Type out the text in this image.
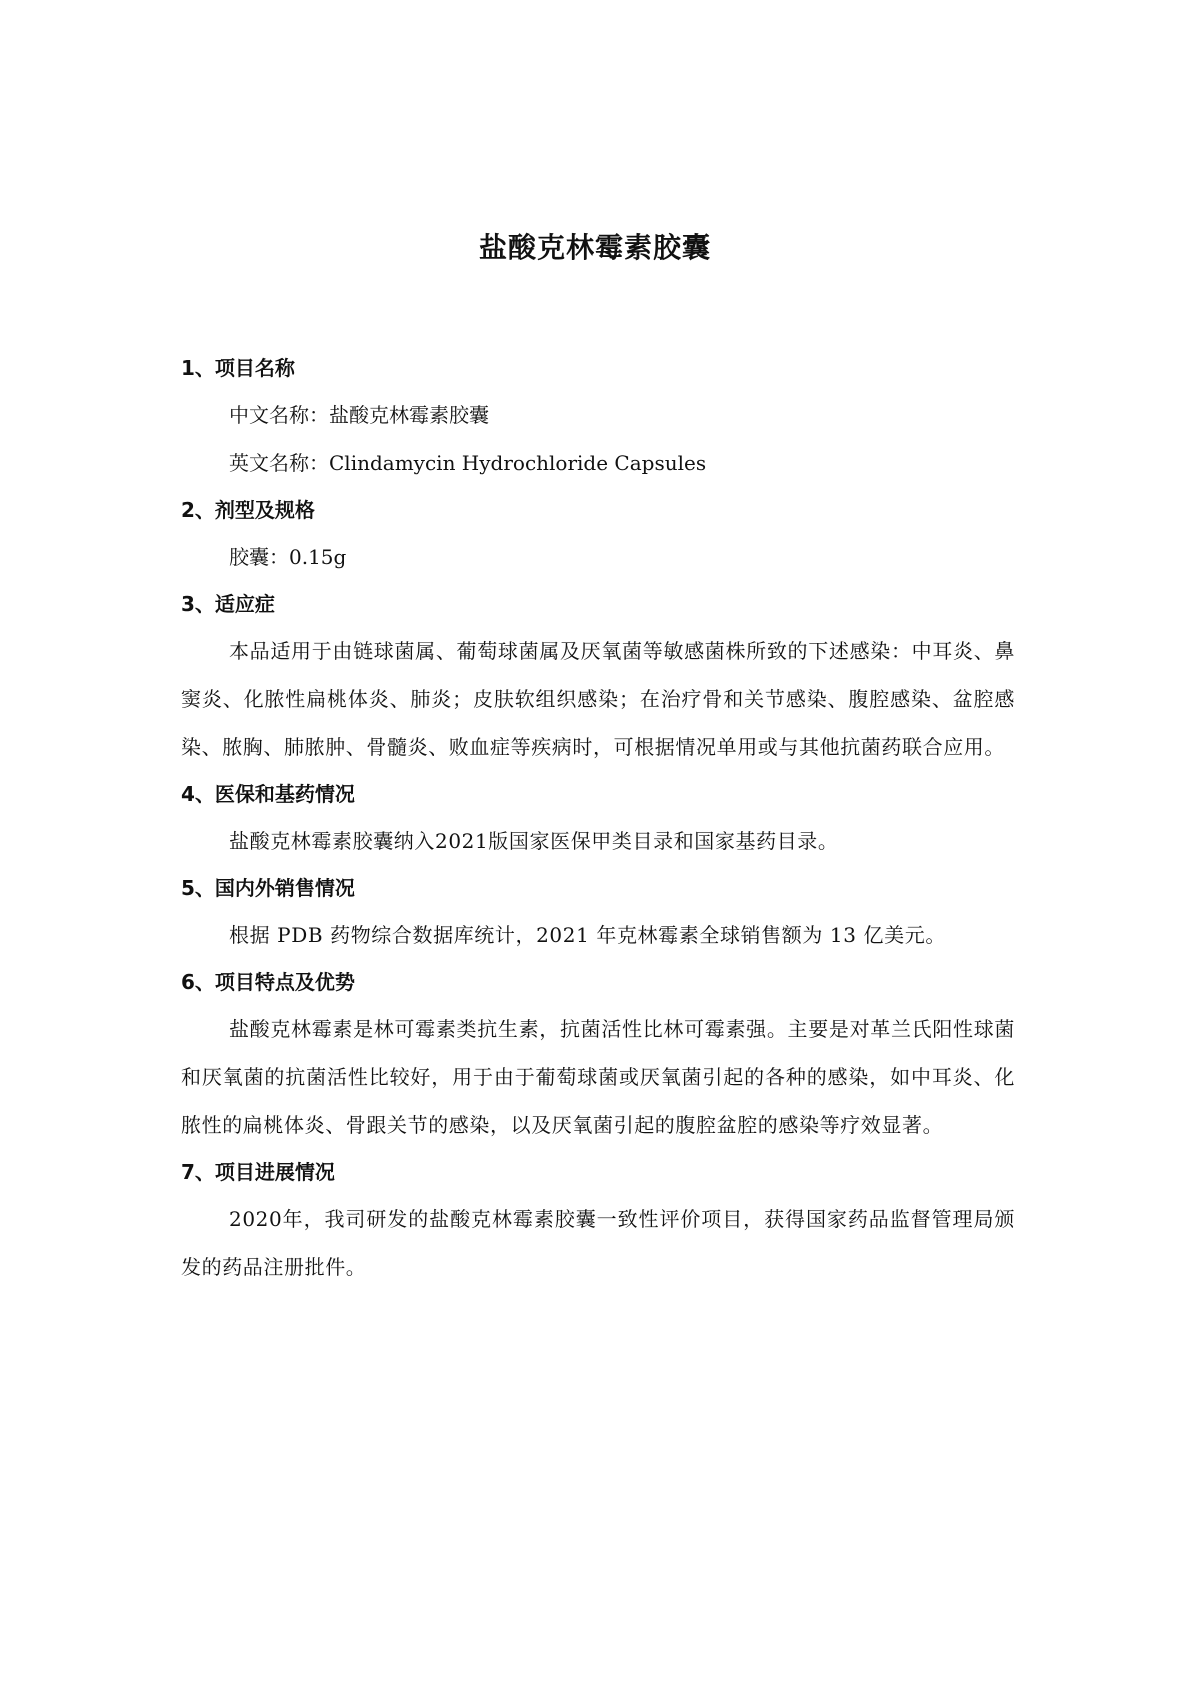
盐酸克林霉素胶囊
1、项目名称

中文名称：盐酸克林霉素胶囊

英文名称：Clindamycin Hydrochloride Capsules

2、剂型及规格

胶囊：0.15g

3、适应症

本品适用于由链球菌属、葡萄球菌属及厌氧菌等敏感菌株所致的下述感染：中耳炎、鼻窦炎、化脓性扁桃体炎、肺炎；皮肤软组织感染；在治疗骨和关节感染、腹腔感染、盆腔感染、脓胸、肺脓肿、骨髓炎、败血症等疾病时，可根据情况单用或与其他抗菌药联合应用。

4、医保和基药情况

盐酸克林霉素胶囊纳入2021版国家医保甲类目录和国家基药目录。

5、国内外销售情况

根据 PDB 药物综合数据库统计，2021 年克林霉素全球销售额为 13 亿美元。

6、项目特点及优势

盐酸克林霉素是林可霉素类抗生素，抗菌活性比林可霉素强。主要是对革兰氏阳性球菌和厌氧菌的抗菌活性比较好，用于由于葡萄球菌或厌氧菌引起的各种的感染，如中耳炎、化脓性的扁桃体炎、骨跟关节的感染，以及厌氧菌引起的腹腔盆腔的感染等疗效显著。

7、项目进展情况

2020年，我司研发的盐酸克林霉素胶囊一致性评价项目，获得国家药品监督管理局颁发的药品注册批件。
